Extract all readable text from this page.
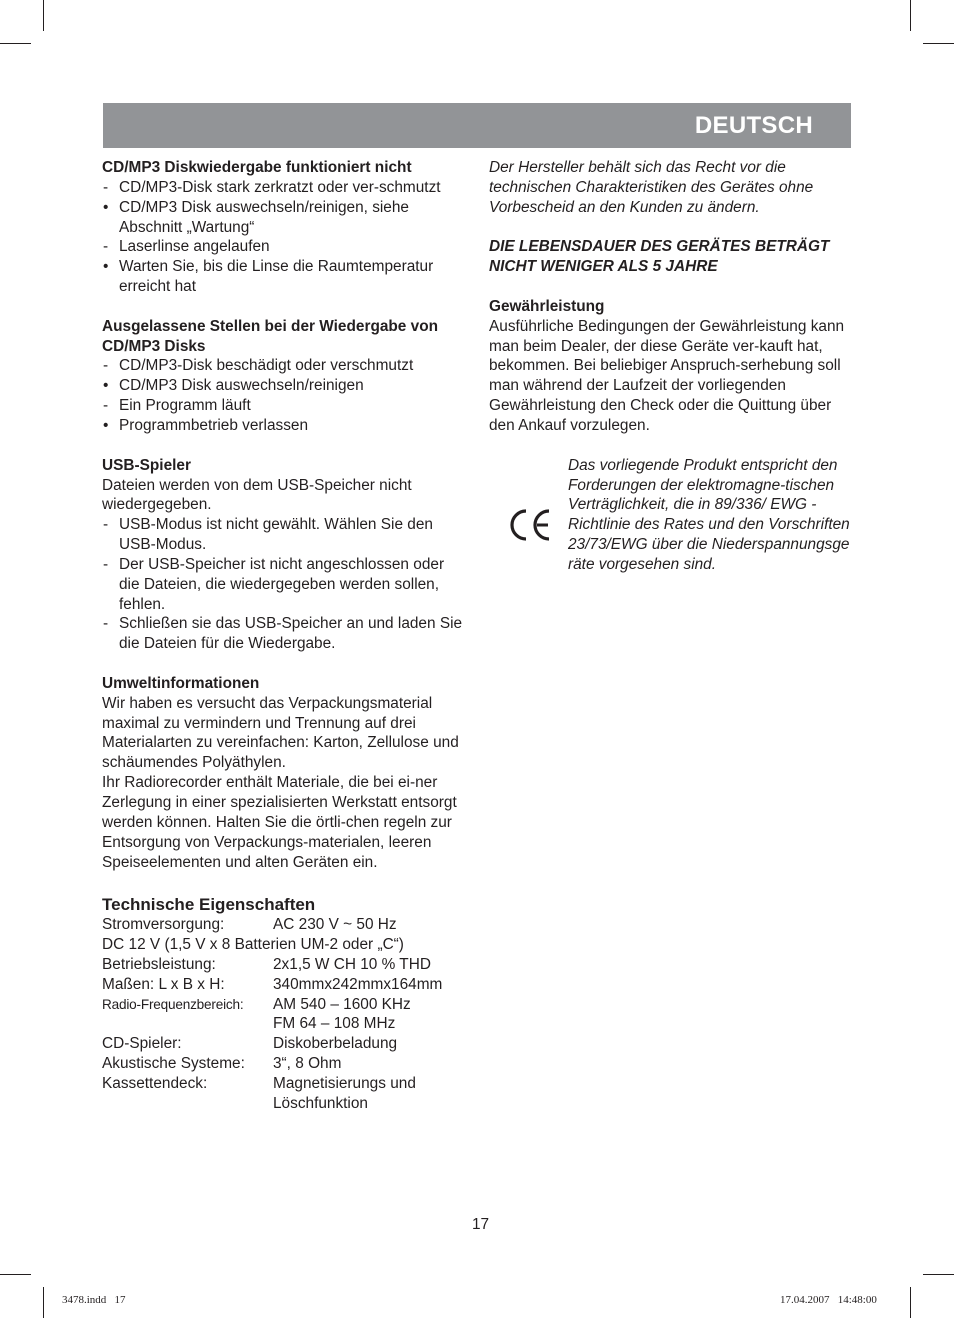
DEUTSCH
CD/MP3 Diskwiedergabe funktioniert nicht
- CD/MP3-Disk stark zerkratzt oder ver-schmutzt
• CD/MP3 Disk auswechseln/reinigen, siehe Abschnitt „Wartung“
- Laserlinse angelaufen
• Warten Sie, bis die Linse die Raumtemperatur erreicht hat
Ausgelassene Stellen bei der Wiedergabe von CD/MP3 Disks
- CD/MP3-Disk beschädigt oder verschmutzt
• CD/MP3 Disk auswechseln/reinigen
- Ein Programm läuft
• Programmbetrieb verlassen
USB-Spieler
Dateien werden von dem USB-Speicher nicht wiedergegeben.
- USB-Modus ist nicht gewählt. Wählen Sie den USB-Modus.
- Der USB-Speicher ist nicht angeschlossen oder die Dateien, die wiedergegeben werden sollen, fehlen.
- Schließen sie das USB-Speicher an und laden Sie die Dateien für die Wiedergabe.
Umweltinformationen
Wir haben es versucht das Verpackungsmaterial maximal zu vermindern und Trennung auf drei Materialarten zu vereinfachen: Karton, Zellulose und schäumendes Polyäthylen.
Ihr Radiorecorder enthält Materiale, die bei ei-ner Zerlegung in einer spezialisierten Werkstatt entsorgt werden können. Halten Sie die örtli-chen regeln zur Entsorgung von Verpackungs-materialen, leeren Speiseelementen und alten Geräten ein.
Technische Eigenschaften
Stromversorgung:	AC 230 V ~ 50 Hz
DC 12 V (1,5 V x 8 Batterien UM-2 oder „C“)
Betriebsleistung:	2x1,5 W CH 10 % THD
Maßen: L x B x H:	340mmx242mmx164mm
Radio-Frequenzbereich:	AM 540 – 1600 KHz
FM 64 – 108 MHz
CD-Spieler:	Diskoberbeladung
Akustische Systeme:	3“, 8 Ohm
Kassettendeck:	Magnetisierungs und Löschfunktion
Der Hersteller behält sich das Recht vor die technischen Charakteristiken des Gerätes ohne Vorbescheid an den Kunden zu ändern.
DIE LEBENSDAUER DES GERÄTES BETRÄGT NICHT WENIGER ALS 5 JAHRE
Gewährleistung
Ausführliche Bedingungen der Gewährleistung kann man beim Dealer, der diese Geräte ver-kauft hat, bekommen. Bei beliebiger Anspruch-serhebung soll man während der Laufzeit der vorliegenden Gewährleistung den Check oder die Quittung über den Ankauf vorzulegen.
Das vorliegende Produkt entspricht den Forderungen der elektromagne-tischen Verträglichkeit, die in 89/336/ EWG -Richtlinie des Rates und den Vorschriften 23/73/EWG über die Niederspannungsge räte vorgesehen sind.
17
3478.indd   17	17.04.2007   14:48:00
